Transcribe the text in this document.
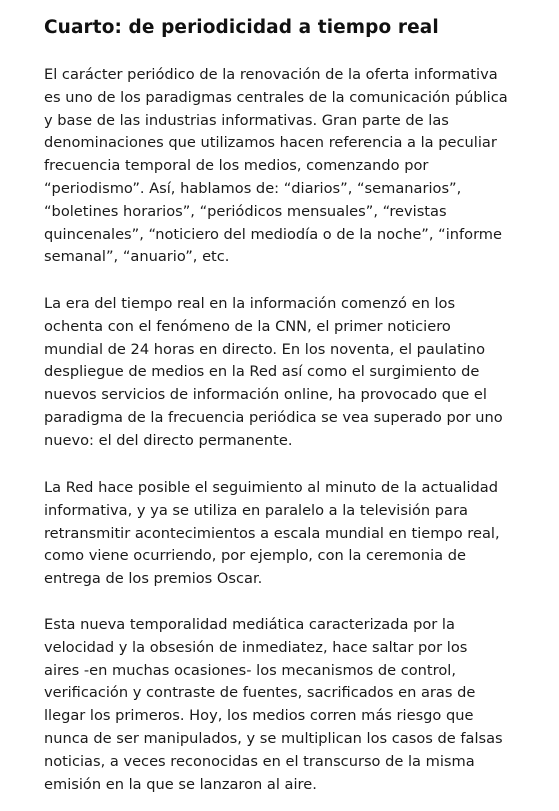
Cuarto: de periodicidad a tiempo real

El carácter periódico de la renovación de la oferta informativa
es uno de los paradigmas centrales de la comunicación pública
y base de las industrias informativas. Gran parte de las
denominaciones que utilizamos hacen referencia a la peculiar
frecuencia temporal de los medios, comenzando por
“periodismo”. Así, hablamos de: “diarios”, “semanarios”,
“boletines horarios”, “periódicos mensuales”, “revistas
quincenales”, “noticiero del mediodía o de la noche”, “informe
semanal”, “anuario”, etc.

La era del tiempo real en la información comenzó en los
ochenta con el fenómeno de la CNN, el primer noticiero
mundial de 24 horas en directo. En los noventa, el paulatino
despliegue de medios en la Red así como el surgimiento de
nuevos servicios de información online, ha provocado que el
paradigma de la frecuencia periódica se vea superado por uno
nuevo: el del directo permanente.

La Red hace posible el seguimiento al minuto de la actualidad
informativa, y ya se utiliza en paralelo a la televisión para
retransmitir acontecimientos a escala mundial en tiempo real,
como viene ocurriendo, por ejemplo, con la ceremonia de
entrega de los premios Oscar.

Esta nueva temporalidad mediática caracterizada por la
velocidad y la obsesión de inmediatez, hace saltar por los
aires -en muchas ocasiones- los mecanismos de control,
verificación y contraste de fuentes, sacrificados en aras de
llegar los primeros. Hoy, los medios corren más riesgo que
nunca de ser manipulados, y se multiplican los casos de falsas
noticias, a veces reconocidas en el transcurso de la misma
emisión en la que se lanzaron al aire.
